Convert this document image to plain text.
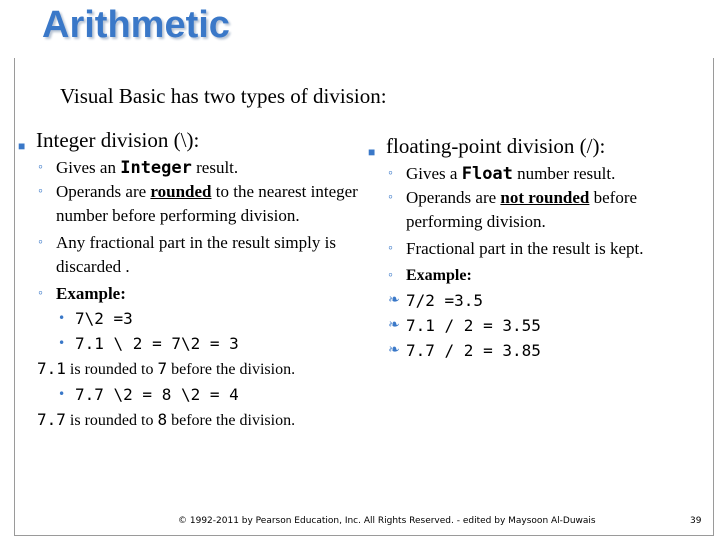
Arithmetic
Visual Basic has two types of division:
■ Integer division (\):
◦ Gives an Integer result.
◦ Operands are rounded to the nearest integer number before performing division.
◦ Any fractional part in the result simply is discarded .
◦ Example:
• 7\2 =3
• 7.1 \ 2 = 7\2 = 3
7.1 is rounded to 7 before the division.
• 7.7 \2 = 8 \2 = 4
7.7 is rounded to 8 before the division.
■ floating-point division (/):
◦ Gives a Float number result.
◦ Operands are not rounded before performing division.
◦ Fractional part in the result is kept.
◦ Example:
❧ 7/2 =3.5
❧ 7.1 / 2 = 3.55
❧ 7.7 / 2 = 3.85
© 1992-2011 by Pearson Education, Inc. All Rights Reserved. - edited by Maysoon Al-Duwais	39
